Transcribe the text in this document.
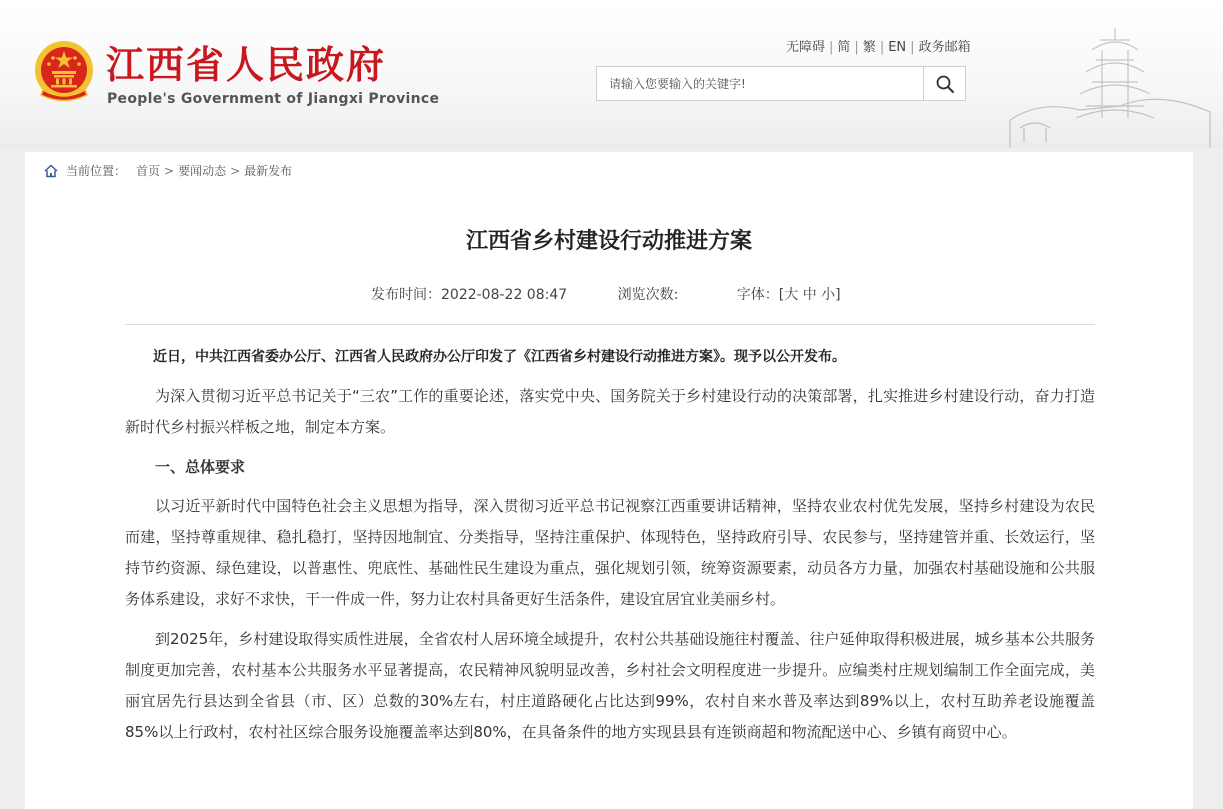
江西省人民政府
People's Government of Jiangxi Province
无障碍 | 简 | 繁 | EN | 政务邮箱
请输入您要输入的关键字!
当前位置： 首页 > 要闻动态 > 最新发布
江西省乡村建设行动推进方案
发布时间：2022-08-22 08:47	浏览次数:	字体：[大 中 小]

近日，中共江西省委办公厅、江西省人民政府办公厅印发了《江西省乡村建设行动推进方案》。现予以公开发布。

为深入贯彻习近平总书记关于“三农”工作的重要论述，落实党中央、国务院关于乡村建设行动的决策部署，扎实推进乡村建设行动，奋力打造新时代乡村振兴样板之地，制定本方案。

一、总体要求

以习近平新时代中国特色社会主义思想为指导，深入贯彻习近平总书记视察江西重要讲话精神，坚持农业农村优先发展，坚持乡村建设为农民而建，坚持尊重规律、稳扎稳打，坚持因地制宜、分类指导，坚持注重保护、体现特色，坚持政府引导、农民参与，坚持建管并重、长效运行，坚持节约资源、绿色建设，以普惠性、兜底性、基础性民生建设为重点，强化规划引领，统筹资源要素，动员各方力量，加强农村基础设施和公共服务体系建设，求好不求快，干一件成一件，努力让农村具备更好生活条件，建设宜居宜业美丽乡村。

到2025年，乡村建设取得实质性进展，全省农村人居环境全域提升，农村公共基础设施往村覆盖、往户延伸取得积极进展，城乡基本公共服务制度更加完善，农村基本公共服务水平显著提高，农民精神风貌明显改善，乡村社会文明程度进一步提升。应编类村庄规划编制工作全面完成，美丽宜居先行县达到全省县（市、区）总数的30%左右，村庄道路硬化占比达到99%，农村自来水普及率达到89%以上，农村互助养老设施覆盖85%以上行政村，农村社区综合服务设施覆盖率达到80%，在具备条件的地方实现县县有连锁商超和物流配送中心、乡镇有商贸中心。
